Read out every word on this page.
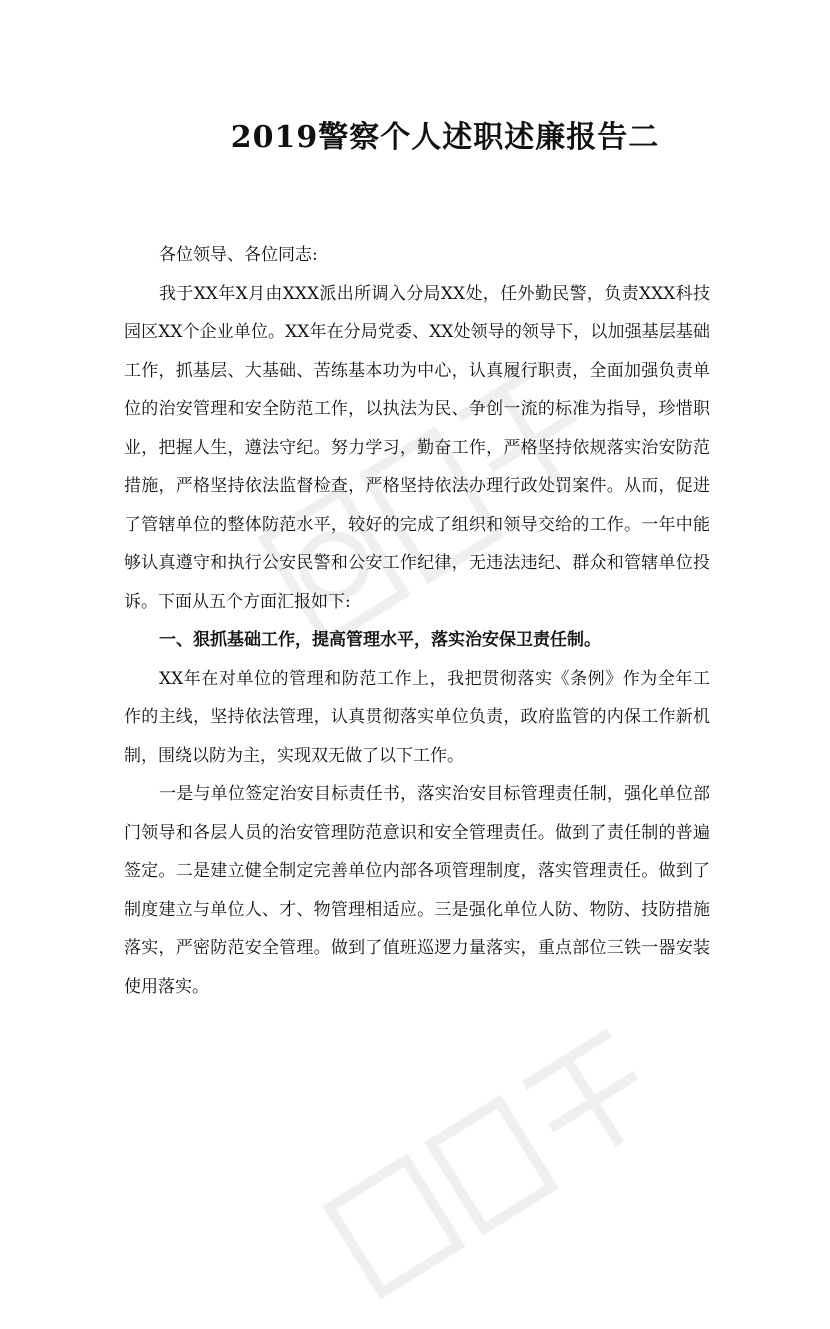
2019警察个人述职述廉报告二

各位领导、各位同志:

我于XX年X月由XXX派出所调入分局XX处，任外勤民警，负责XXX科技园区XX个企业单位。XX年在分局党委、XX处领导的领导下，以加强基层基础工作，抓基层、大基础、苦练基本功为中心，认真履行职责，全面加强负责单位的治安管理和安全防范工作，以执法为民、争创一流的标准为指导，珍惜职业，把握人生，遵法守纪。努力学习，勤奋工作，严格坚持依规落实治安防范措施，严格坚持依法监督检查，严格坚持依法办理行政处罚案件。从而，促进了管辖单位的整体防范水平，较好的完成了组织和领导交给的工作。一年中能够认真遵守和执行公安民警和公安工作纪律，无违法违纪、群众和管辖单位投诉。下面从五个方面汇报如下:

一、狠抓基础工作，提高管理水平，落实治安保卫责任制。

XX年在对单位的管理和防范工作上，我把贯彻落实《条例》作为全年工作的主线，坚持依法管理，认真贯彻落实单位负责，政府监管的内保工作新机制，围绕以防为主，实现双无做了以下工作。

一是与单位签定治安目标责任书，落实治安目标管理责任制，强化单位部门领导和各层人员的治安管理防范意识和安全管理责任。做到了责任制的普遍签定。二是建立健全制定完善单位内部各项管理制度，落实管理责任。做到了制度建立与单位人、才、物管理相适应。三是强化单位人防、物防、技防措施落实，严密防范安全管理。做到了值班巡逻力量落实，重点部位三铁一器安装使用落实。
